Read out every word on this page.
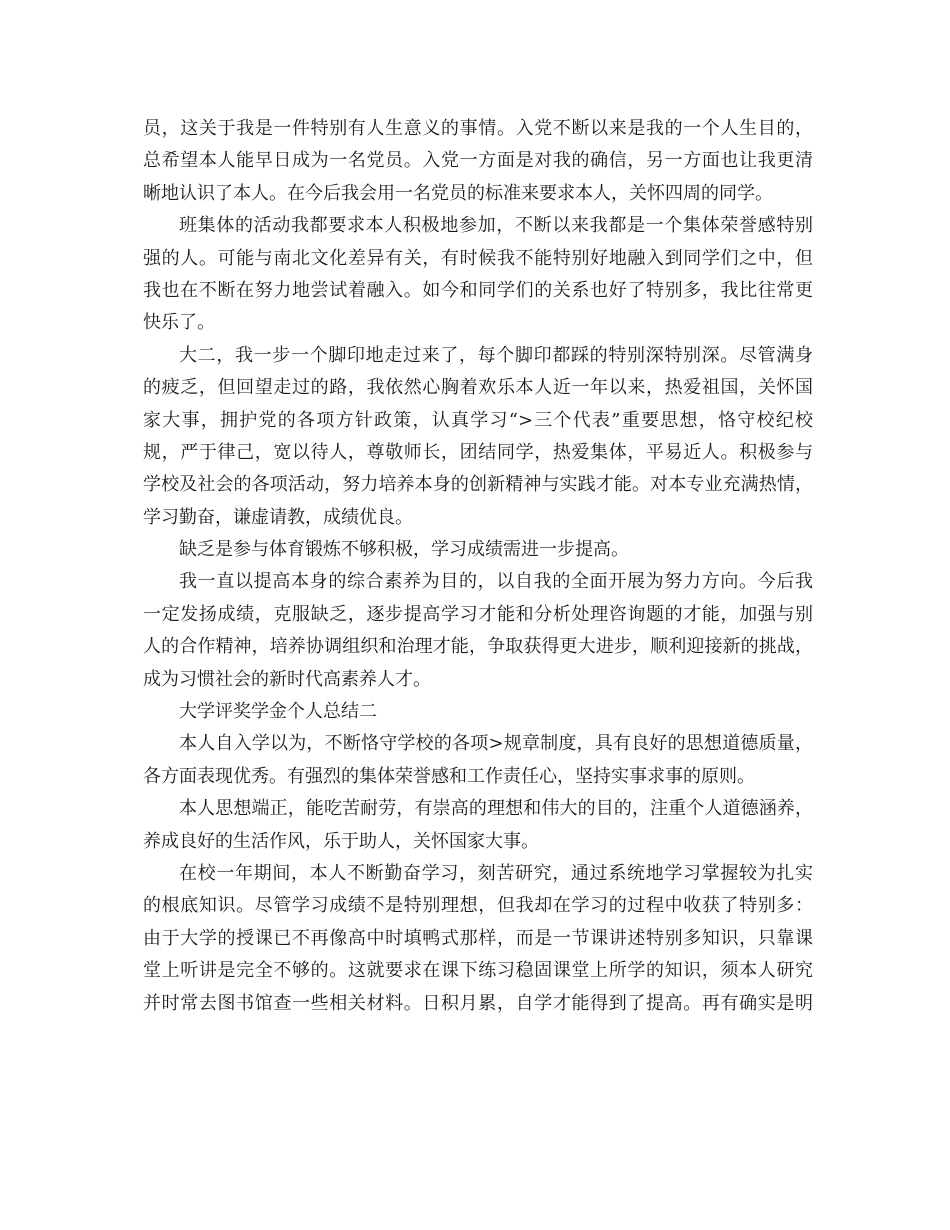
员，这关于我是一件特别有人生意义的事情。入党不断以来是我的一个人生目的，
总希望本人能早日成为一名党员。入党一方面是对我的确信，另一方面也让我更清
晰地认识了本人。在今后我会用一名党员的标准来要求本人，关怀四周的同学。
班集体的活动我都要求本人积极地参加，不断以来我都是一个集体荣誉感特别
强的人。可能与南北文化差异有关，有时候我不能特别好地融入到同学们之中，但
我也在不断在努力地尝试着融入。如今和同学们的关系也好了特别多，我比往常更
快乐了。
大二，我一步一个脚印地走过来了，每个脚印都踩的特别深特别深。尽管满身
的疲乏，但回望走过的路，我依然心胸着欢乐本人近一年以来，热爱祖国，关怀国
家大事，拥护党的各项方针政策，认真学习“>三个代表”重要思想，恪守校纪校
规，严于律己，宽以待人，尊敬师长，团结同学，热爱集体，平易近人。积极参与
学校及社会的各项活动，努力培养本身的创新精神与实践才能。对本专业充满热情，
学习勤奋，谦虚请教，成绩优良。
缺乏是参与体育锻炼不够积极，学习成绩需进一步提高。
我一直以提高本身的综合素养为目的，以自我的全面开展为努力方向。今后我
一定发扬成绩，克服缺乏，逐步提高学习才能和分析处理咨询题的才能，加强与别
人的合作精神，培养协调组织和治理才能，争取获得更大进步，顺利迎接新的挑战，
成为习惯社会的新时代高素养人才。
大学评奖学金个人总结二
本人自入学以为，不断恪守学校的各项>规章制度，具有良好的思想道德质量，
各方面表现优秀。有强烈的集体荣誉感和工作责任心，坚持实事求事的原则。
本人思想端正，能吃苦耐劳，有崇高的理想和伟大的目的，注重个人道德涵养，
养成良好的生活作风，乐于助人，关怀国家大事。
在校一年期间，本人不断勤奋学习，刻苦研究，通过系统地学习掌握较为扎实
的根底知识。尽管学习成绩不是特别理想，但我却在学习的过程中收获了特别多：
由于大学的授课已不再像高中时填鸭式那样，而是一节课讲述特别多知识，只靠课
堂上听讲是完全不够的。这就要求在课下练习稳固课堂上所学的知识，须本人研究
并时常去图书馆查一些相关材料。日积月累，自学才能得到了提高。再有确实是明
